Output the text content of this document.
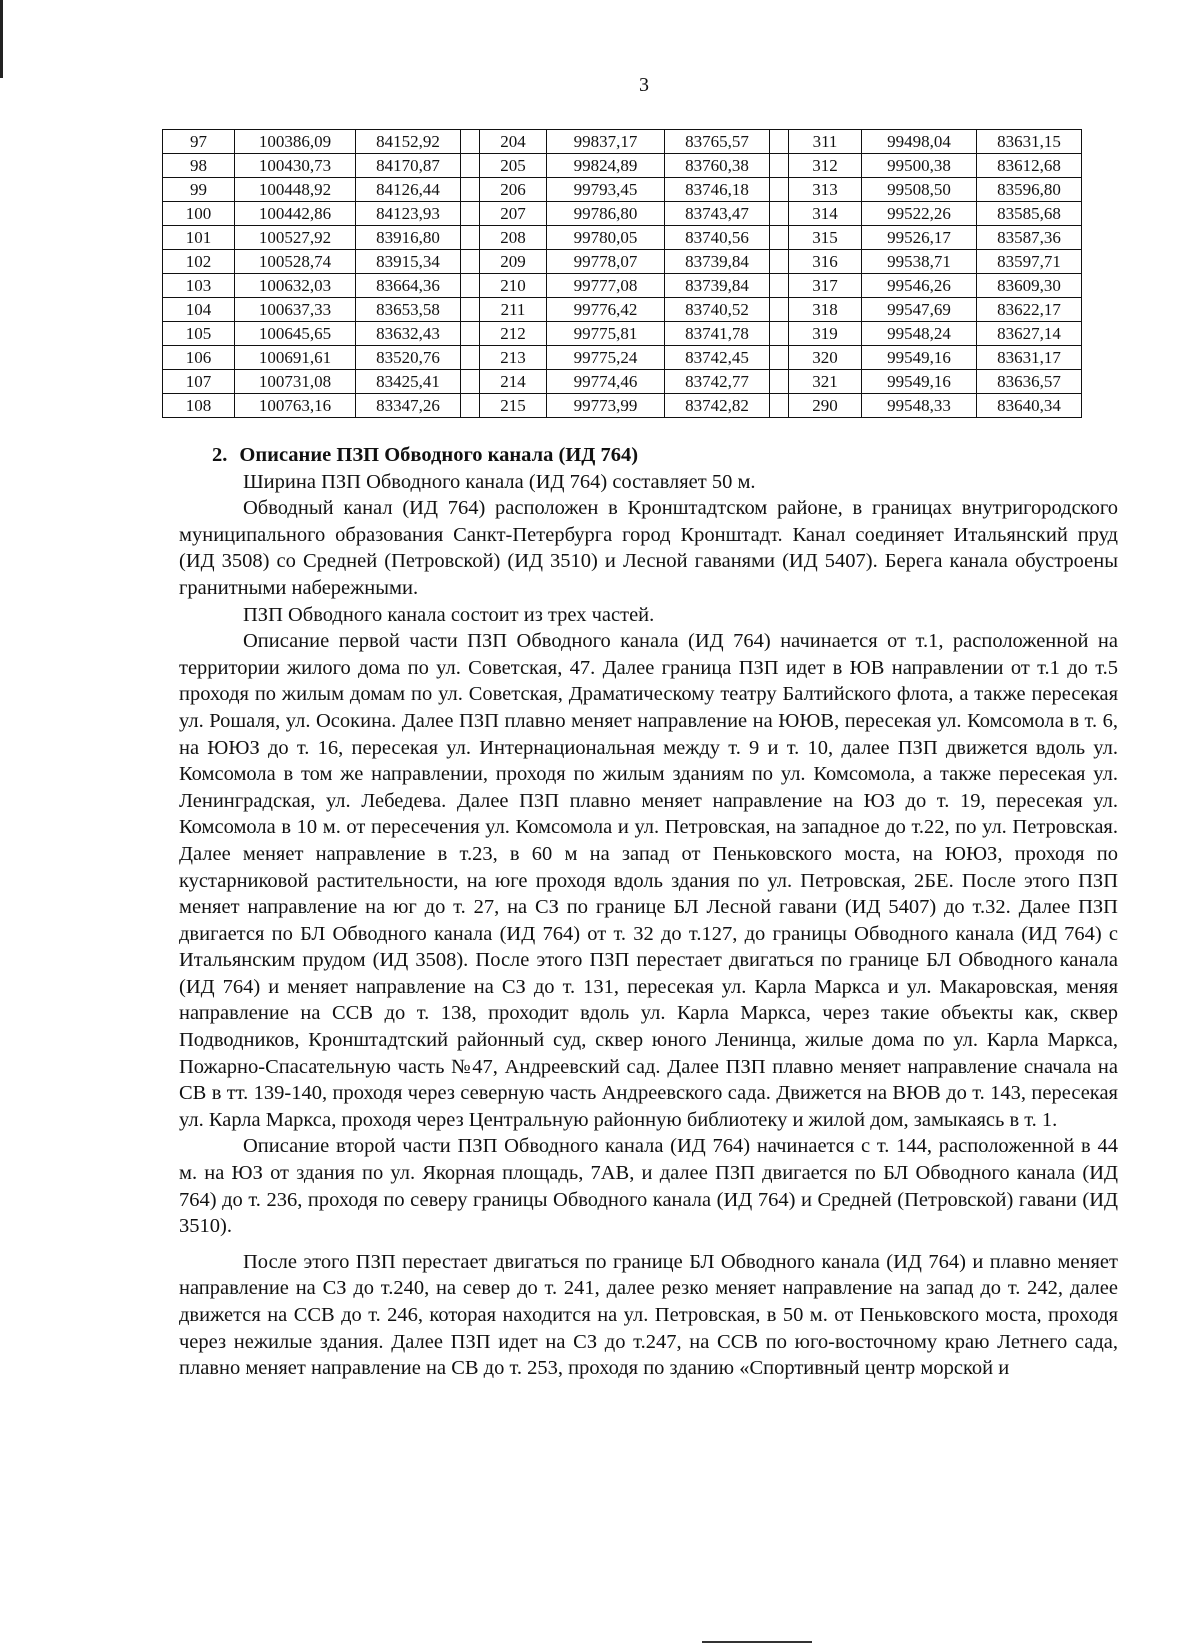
3
97	100386,09	84152,92		204	99837,17	83765,57		311	99498,04	83631,15
98	100430,73	84170,87		205	99824,89	83760,38		312	99500,38	83612,68
99	100448,92	84126,44		206	99793,45	83746,18		313	99508,50	83596,80
100	100442,86	84123,93		207	99786,80	83743,47		314	99522,26	83585,68
101	100527,92	83916,80		208	99780,05	83740,56		315	99526,17	83587,36
102	100528,74	83915,34		209	99778,07	83739,84		316	99538,71	83597,71
103	100632,03	83664,36		210	99777,08	83739,84		317	99546,26	83609,30
104	100637,33	83653,58		211	99776,42	83740,52		318	99547,69	83622,17
105	100645,65	83632,43		212	99775,81	83741,78		319	99548,24	83627,14
106	100691,61	83520,76		213	99775,24	83742,45		320	99549,16	83631,17
107	100731,08	83425,41		214	99774,46	83742,77		321	99549,16	83636,57
108	100763,16	83347,26		215	99773,99	83742,82		290	99548,33	83640,34
2. Описание ПЗП Обводного канала (ИД 764)

Ширина ПЗП Обводного канала (ИД 764) составляет 50 м.

Обводный канал (ИД 764) расположен в Кронштадтском районе, в границах внутригородского муниципального образования Санкт-Петербурга город Кронштадт. Канал соединяет Итальянский пруд (ИД 3508) со Средней (Петровской) (ИД 3510) и Лесной гаванями (ИД 5407). Берега канала обустроены гранитными набережными.

ПЗП Обводного канала состоит из трех частей.

Описание первой части ПЗП Обводного канала (ИД 764) начинается от т.1, расположенной на территории жилого дома по ул. Советская, 47. Далее граница ПЗП идет в ЮВ направлении от т.1 до т.5 проходя по жилым домам по ул. Советская, Драматическому театру Балтийского флота, а также пересекая ул. Рошаля, ул. Осокина. Далее ПЗП плавно меняет направление на ЮЮВ, пересекая ул. Комсомола в т. 6, на ЮЮЗ до т. 16, пересекая ул. Интернациональная между т. 9 и т. 10, далее ПЗП движется вдоль ул. Комсомола в том же направлении, проходя по жилым зданиям по ул. Комсомола, а также пересекая ул. Ленинградская, ул. Лебедева. Далее ПЗП плавно меняет направление на ЮЗ до т. 19, пересекая ул. Комсомола в 10 м. от пересечения ул. Комсомола и ул. Петровская, на западное до т.22, по ул. Петровская. Далее меняет направление в т.23, в 60 м на запад от Пеньковского моста, на ЮЮЗ, проходя по кустарниковой растительности, на юге проходя вдоль здания по ул. Петровская, 2БЕ. После этого ПЗП меняет направление на юг до т. 27, на СЗ по границе БЛ Лесной гавани (ИД 5407) до т.32. Далее ПЗП двигается по БЛ Обводного канала (ИД 764) от т. 32 до т.127, до границы Обводного канала (ИД 764) с Итальянским прудом (ИД 3508). После этого ПЗП перестает двигаться по границе БЛ Обводного канала (ИД 764) и меняет направление на СЗ до т. 131, пересекая ул. Карла Маркса и ул. Макаровская, меняя направление на ССВ до т. 138, проходит вдоль ул. Карла Маркса, через такие объекты как, сквер Подводников, Кронштадтский районный суд, сквер юного Ленинца, жилые дома по ул. Карла Маркса, Пожарно-Спасательную часть №47, Андреевский сад. Далее ПЗП плавно меняет направление сначала на СВ в тт. 139-140, проходя через северную часть Андреевского сада. Движется на ВЮВ до т. 143, пересекая ул. Карла Маркса, проходя через Центральную районную библиотеку и жилой дом, замыкаясь в т. 1.

Описание второй части ПЗП Обводного канала (ИД 764) начинается с т. 144, расположенной в 44 м. на ЮЗ от здания по ул. Якорная площадь, 7АВ, и далее ПЗП двигается по БЛ Обводного канала (ИД 764) до т. 236, проходя по северу границы Обводного канала (ИД 764) и Средней (Петровской) гавани (ИД 3510).

После этого ПЗП перестает двигаться по границе БЛ Обводного канала (ИД 764) и плавно меняет направление на СЗ до т.240, на север до т. 241, далее резко меняет направление на запад до т. 242, далее движется на ССВ до т. 246, которая находится на ул. Петровская, в 50 м. от Пеньковского моста, проходя через нежилые здания. Далее ПЗП идет на СЗ до т.247, на ССВ по юго-восточному краю Летнего сада, плавно меняет направление на СВ до т. 253, проходя по зданию «Спортивный центр морской и
